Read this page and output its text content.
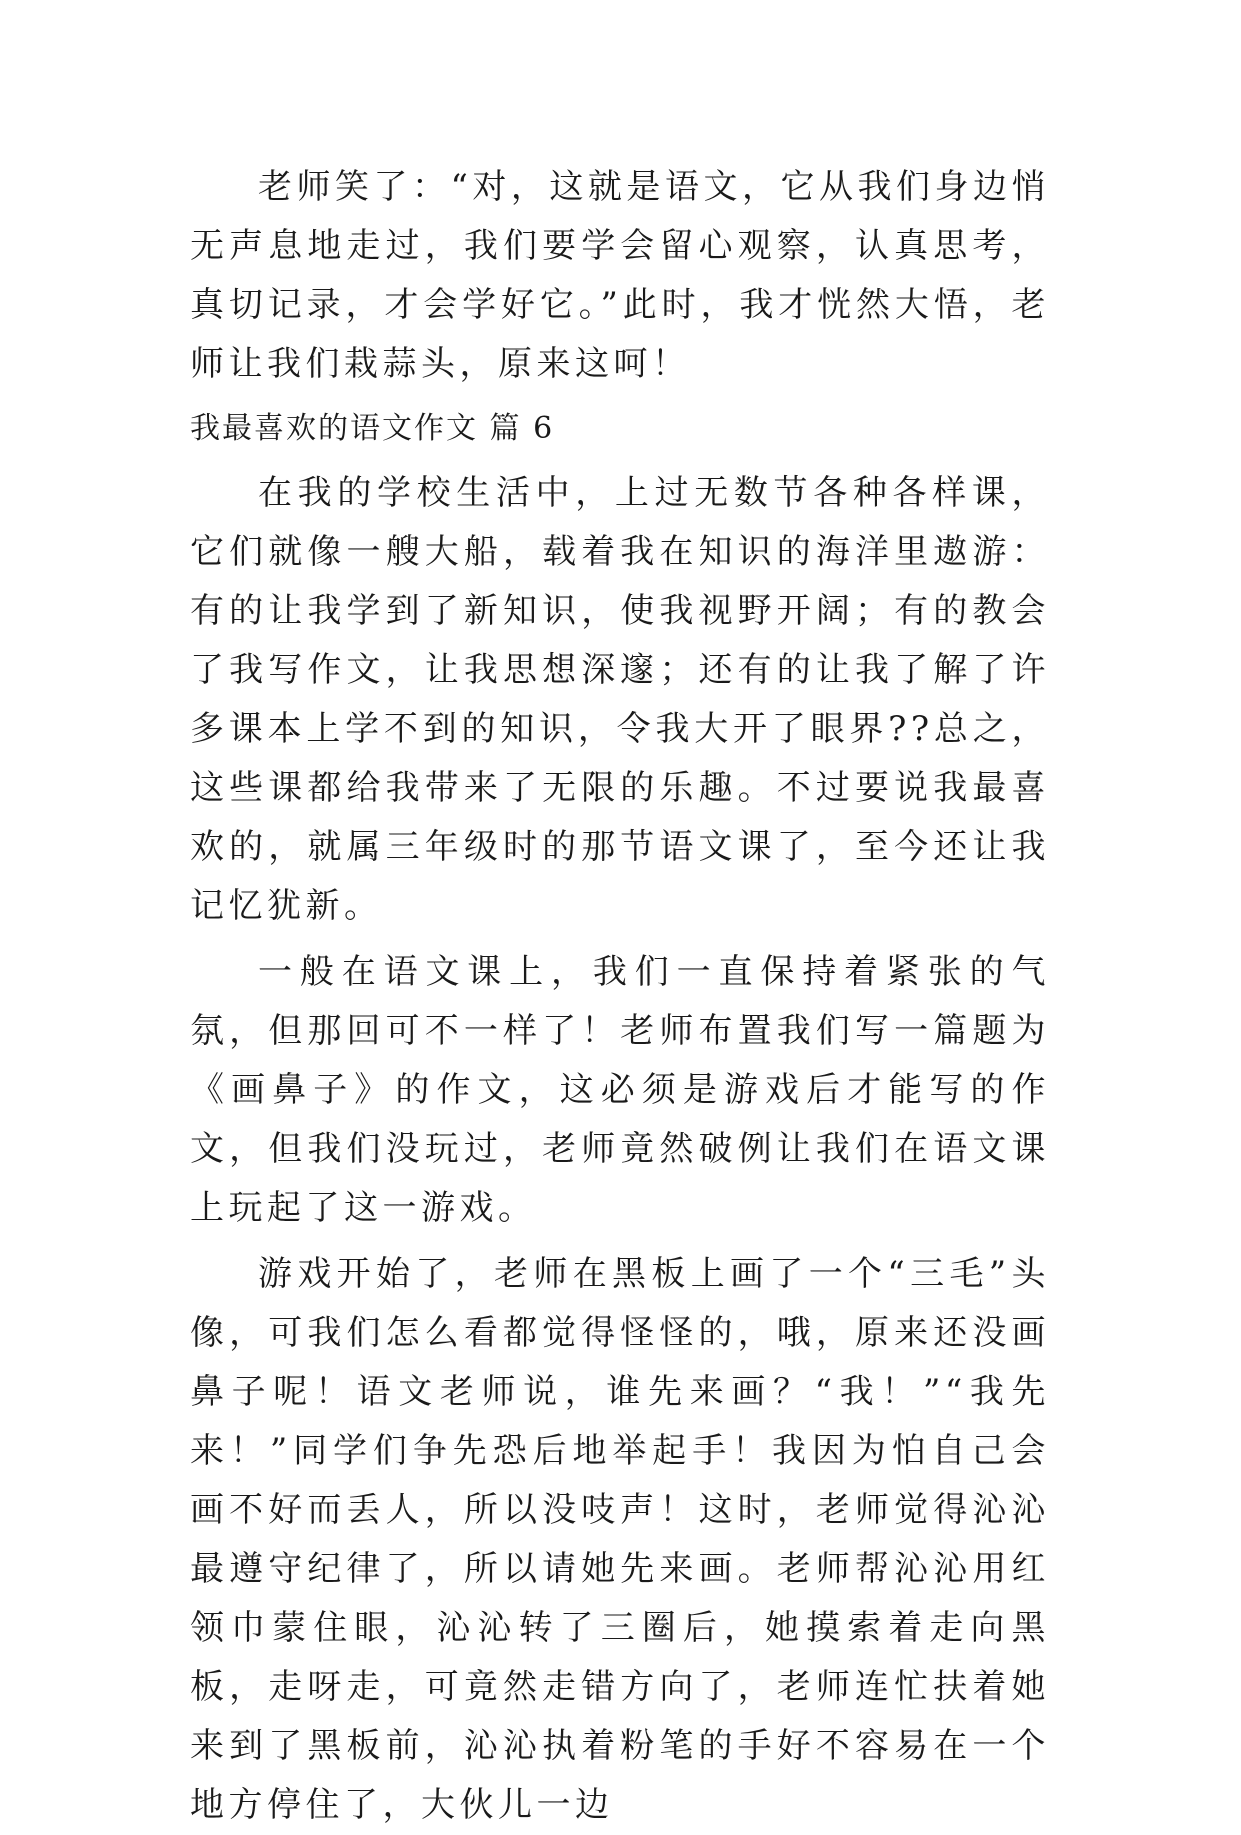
老师笑了：“对，这就是语文，它从我们身边悄无声息地走过，我们要学会留心观察，认真思考，真切记录，才会学好它。”此时，我才恍然大悟，老师让我们栽蒜头，原来这呵！

我最喜欢的语文作文 篇 6

在我的学校生活中，上过无数节各种各样课，它们就像一艘大船，载着我在知识的海洋里遨游：有的让我学到了新知识，使我视野开阔；有的教会了我写作文，让我思想深邃；还有的让我了解了许多课本上学不到的知识，令我大开了眼界??总之，这些课都给我带来了无限的乐趣。不过要说我最喜欢的，就属三年级时的那节语文课了，至今还让我记忆犹新。

一般在语文课上，我们一直保持着紧张的气氛，但那回可不一样了！老师布置我们写一篇题为《画鼻子》的作文，这必须是游戏后才能写的作文，但我们没玩过，老师竟然破例让我们在语文课上玩起了这一游戏。

游戏开始了，老师在黑板上画了一个“三毛”头像，可我们怎么看都觉得怪怪的，哦，原来还没画鼻子呢！语文老师说，谁先来画？“我！”“我先来！”同学们争先恐后地举起手！我因为怕自己会画不好而丢人，所以没吱声！这时，老师觉得沁沁最遵守纪律了，所以请她先来画。老师帮沁沁用红领巾蒙住眼，沁沁转了三圈后，她摸索着走向黑板，走呀走，可竟然走错方向了，老师连忙扶着她来到了黑板前，沁沁执着粉笔的手好不容易在一个地方停住了，大伙儿一边
